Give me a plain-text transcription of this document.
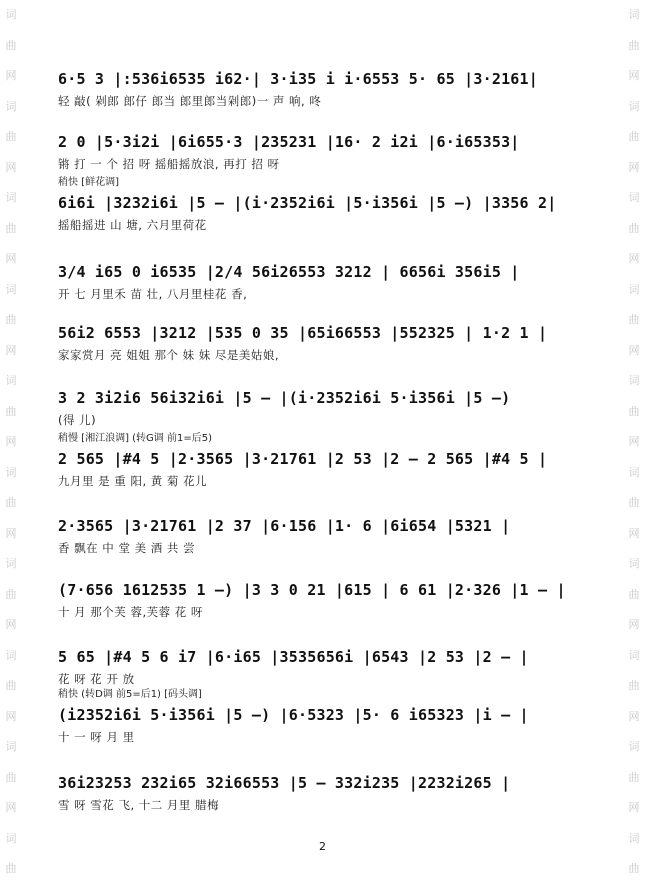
词
曲
网
词
曲
网
词
曲
网
词
曲
网
词
曲
网
词
曲
网
词
曲
网
词
曲
网
词
曲
网
词
曲
词
曲
网
词
曲
网
词
曲
网
词
曲
网
词
曲
网
词
曲
网
词
曲
网
词
曲
网
词
曲
网
词
曲
6·5 3 |:536i6535 i62·| 3·i35 i i·6553 5· 65 |3·2161|
轻 敲( 剁郎 郎仔 郎当 郎里郎当剁郎)一 声 响, 咚
2 0 |5·3i2i |6i655·3 |235231 |16· 2 i2i |6·i65353|
锵 打 一 个 招 呀 摇船摇放浪, 再打 招 呀
稍快 [鲜花调]
6i6i |3232i6i |5 – |(i·2352i6i |5·i356i |5 –) |3356 2|
摇船摇进 山 塘, 六月里荷花
3/4 i65 0 i6535 |2/4 56i26553 3212 | 6656i 356i5 |
开 七 月里禾 苗 壮, 八月里桂花 香,
56i2 6553 |3212 |535 0 35 |65i66553 |552325 | 1·2 1 |
家家赏月 亮 姐姐 那个 妹 妹 尽是美姑娘,
3 2 3i2i6 56i32i6i |5 – |(i·2352i6i 5·i356i |5 –)
(得 儿)
稍慢 [湘江浪调] (转G调 前1=后5)
2 565 |#4 5 |2·3565 |3·21761 |2 53 |2 – 2 565 |#4 5 |
九月里 是 重 阳, 黄 菊 花儿
2·3565 |3·21761 |2 37 |6·156 |1· 6 |6i654 |5321 |
香 飘在 中 堂 美 酒 共 尝
(7·656 1612535 1 –) |3 3 0 21 |615 | 6 61 |2·326 |1 – |
十 月 那个芙 蓉,芙蓉 花 呀
5 65 |#4 5 6 i7 |6·i65 |3535656i |6543 |2 53 |2 – |
花 呀 花 开 放
稍快 (转D调 前5=后1) [码头调]
(i2352i6i 5·i356i |5 –) |6·5323 |5· 6 i65323 |i – |
十 一 呀 月 里
36i23253 232i65 32i66553 |5 – 332i235 |2232i265 |
雪 呀 雪花 飞, 十二 月里 腊梅
2
